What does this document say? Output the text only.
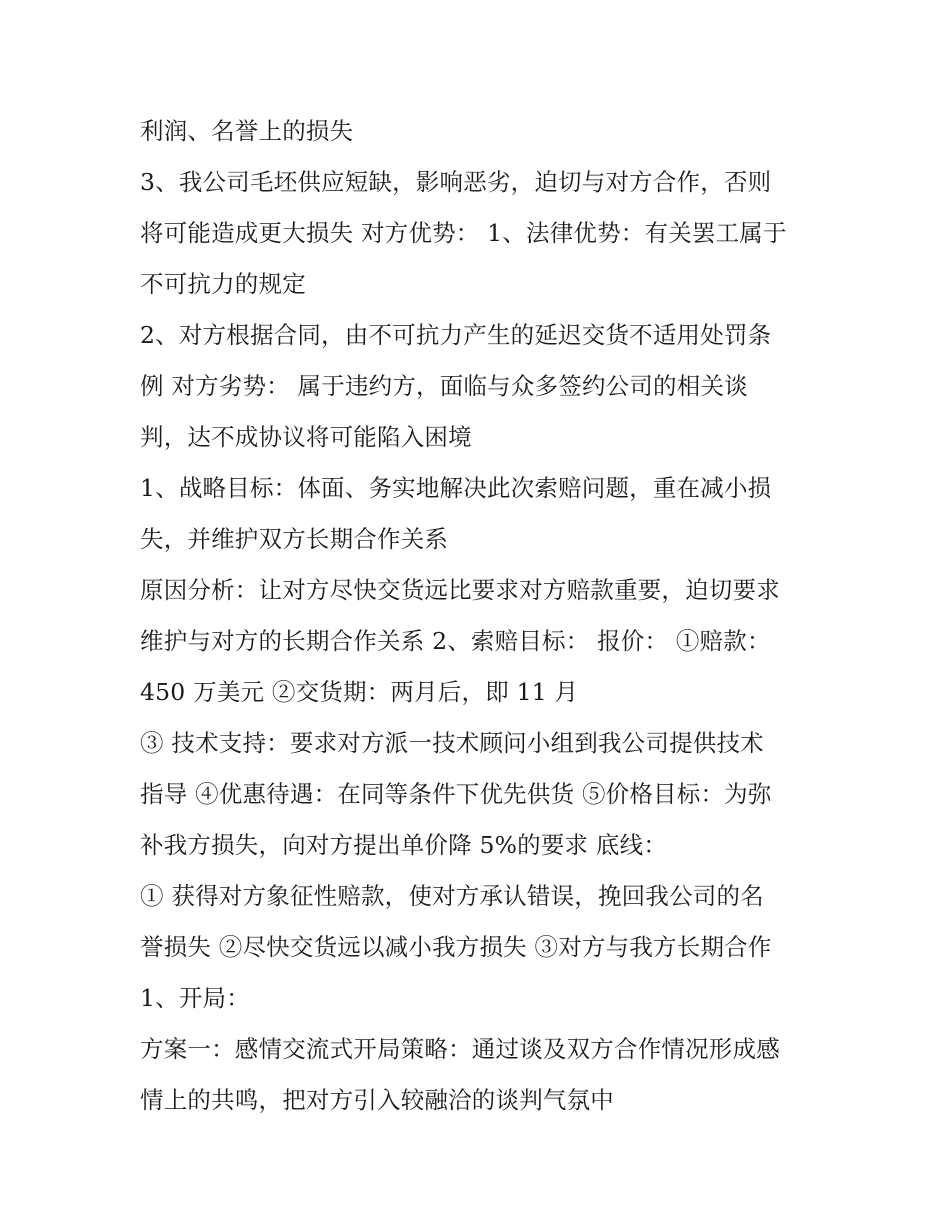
利润、名誉上的损失
3、我公司毛坯供应短缺，影响恶劣，迫切与对方合作，否则
将可能造成更大损失 对方优势： 1、法律优势：有关罢工属于
不可抗力的规定
2、对方根据合同，由不可抗力产生的延迟交货不适用处罚条
例 对方劣势： 属于违约方，面临与众多签约公司的相关谈
判，达不成协议将可能陷入困境
1、战略目标：体面、务实地解决此次索赔问题，重在减小损
失，并维护双方长期合作关系
原因分析：让对方尽快交货远比要求对方赔款重要，迫切要求
维护与对方的长期合作关系 2、索赔目标： 报价： ①赔款：
450 万美元 ②交货期：两月后，即 11 月
③ 技术支持：要求对方派一技术顾问小组到我公司提供技术
指导 ④优惠待遇：在同等条件下优先供货 ⑤价格目标：为弥
补我方损失，向对方提出单价降 5%的要求 底线：
① 获得对方象征性赔款，使对方承认错误，挽回我公司的名
誉损失 ②尽快交货远以减小我方损失 ③对方与我方长期合作
1、开局：
方案一：感情交流式开局策略：通过谈及双方合作情况形成感
情上的共鸣，把对方引入较融洽的谈判气氛中
